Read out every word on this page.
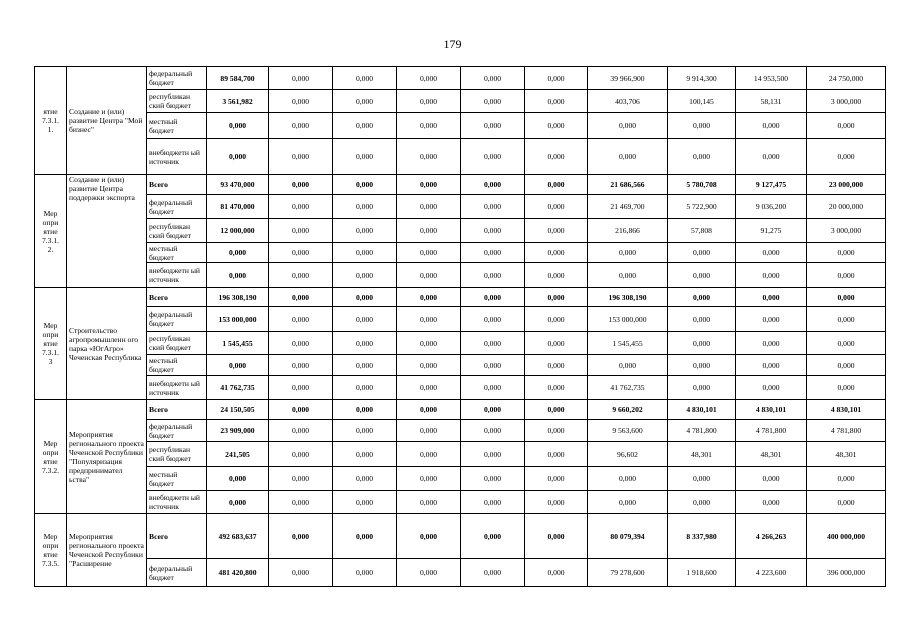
179
ятие
7.3.1.
1.	Создание и (или) развитие Центра "Мой бизнес"	федеральный бюджет	89 584,700	0,000	0,000	0,000	0,000	0,000	39 966,900	9 914,300	14 953,500	24 750,000
		республикан ский бюджет	3 561,982	0,000	0,000	0,000	0,000	0,000	403,706	100,145	58,131	3 000,000
		местный бюджет	0,000	0,000	0,000	0,000	0,000	0,000	0,000	0,000	0,000	0,000
		внебюджетн ый источник	0,000	0,000	0,000	0,000	0,000	0,000	0,000	0,000	0,000	0,000
Мер
опри
ятие
7.3.1.
2.	Создание и (или) развитие Центра поддержки экспорта	Всего	93 470,000	0,000	0,000	0,000	0,000	0,000	21 686,566	5 780,708	9 127,475	23 000,000
		федеральный бюджет	81 470,000	0,000	0,000	0,000	0,000	0,000	21 469,700	5 722,900	9 036,200	20 000,000
		республикан ский бюджет	12 000,000	0,000	0,000	0,000	0,000	0,000	216,866	57,808	91,275	3 000,000
		местный бюджет	0,000	0,000	0,000	0,000	0,000	0,000	0,000	0,000	0,000	0,000
		внебюджетн ый источник	0,000	0,000	0,000	0,000	0,000	0,000	0,000	0,000	0,000	0,000
Мер
опри
ятие
7.3.1.
3	Строительство агропромышленн ого парка «ЮгАгро» Чеченская Республика	Всего	196 308,190	0,000	0,000	0,000	0,000	0,000	196 308,190	0,000	0,000	0,000
		федеральный бюджет	153 000,000	0,000	0,000	0,000	0,000	0,000	153 000,000	0,000	0,000	0,000
		республикан ский бюджет	1 545,455	0,000	0,000	0,000	0,000	0,000	1 545,455	0,000	0,000	0,000
		местный бюджет	0,000	0,000	0,000	0,000	0,000	0,000	0,000	0,000	0,000	0,000
		внебюджетн ый источник	41 762,735	0,000	0,000	0,000	0,000	0,000	41 762,735	0,000	0,000	0,000
Мер
опри
ятие
7.3.2.	Мероприятия регионального проекта Чеченской Республики "Популяризация предпринимател ьства"	Всего	24 150,505	0,000	0,000	0,000	0,000	0,000	9 660,202	4 830,101	4 830,101	4 830,101
		федеральный бюджет	23 909,000	0,000	0,000	0,000	0,000	0,000	9 563,600	4 781,800	4 781,800	4 781,800
		республикан ский бюджет	241,505	0,000	0,000	0,000	0,000	0,000	96,602	48,301	48,301	48,301
		местный бюджет	0,000	0,000	0,000	0,000	0,000	0,000	0,000	0,000	0,000	0,000
		внебюджетн ый источник	0,000	0,000	0,000	0,000	0,000	0,000	0,000	0,000	0,000	0,000
Мер
опри
ятие
7.3.5.	Мероприятия регионального проекта Чеченской Республики "Расширение	Всего	492 683,637	0,000	0,000	0,000	0,000	0,000	80 079,394	8 337,980	4 266,263	400 000,000
		федеральный бюджет	481 420,800	0,000	0,000	0,000	0,000	0,000	79 278,600	1 918,600	4 223,600	396 000,000
